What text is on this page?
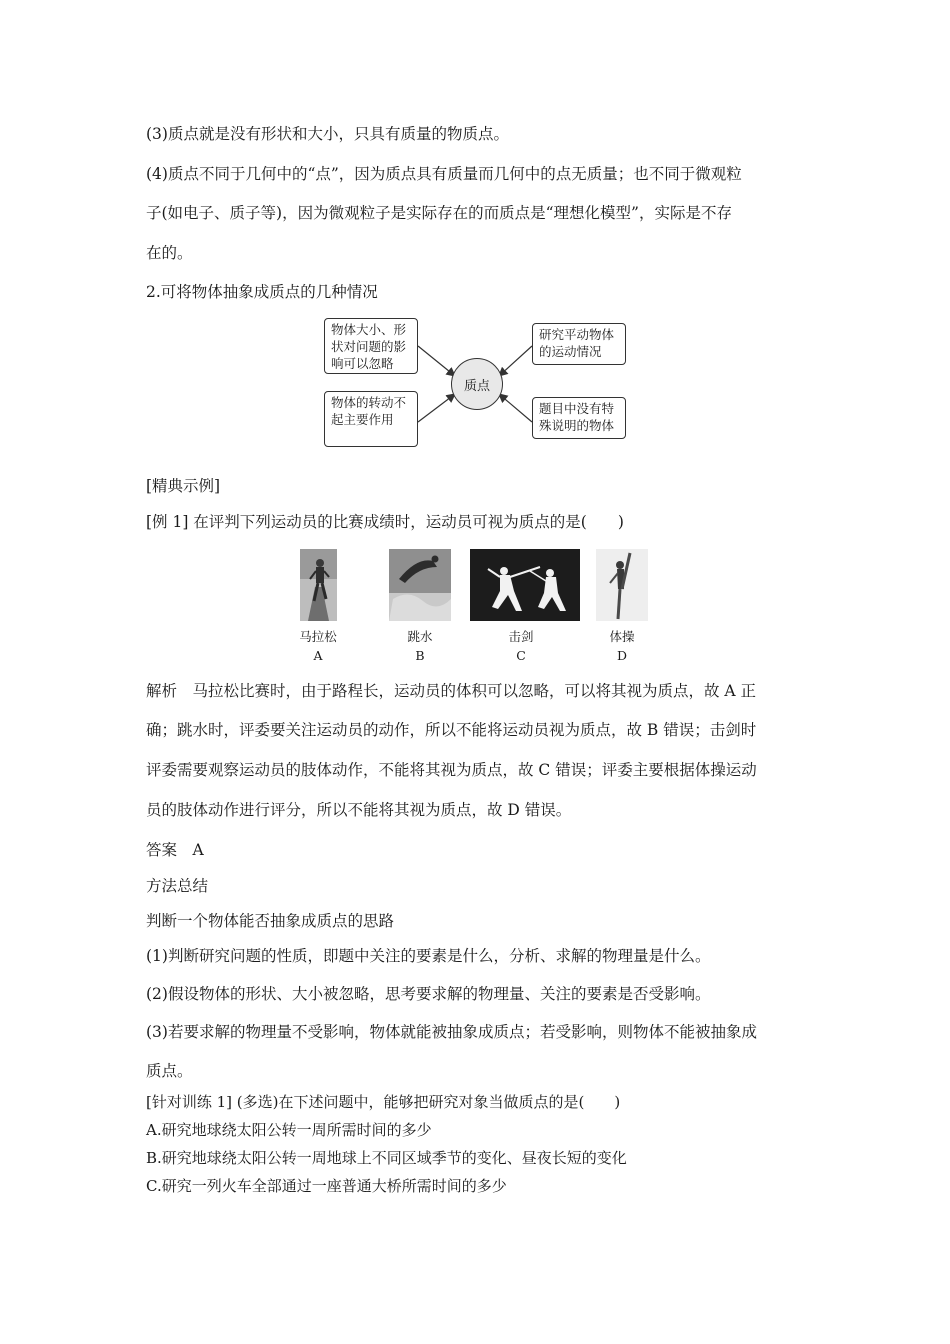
(3)质点就是没有形状和大小，只具有质量的物质点。
(4)质点不同于几何中的“点”，因为质点具有质量而几何中的点无质量；也不同于微观粒
子(如电子、质子等)，因为微观粒子是实际存在的而质点是“理想化模型”，实际是不存
在的。
2.可将物体抽象成质点的几种情况
物体大小、形状对问题的影响可以忽略
物体的转动不起主要作用
研究平动物体的运动情况
题目中没有特殊说明的物体
质点
[精典示例]
[例 1] 在评判下列运动员的比赛成绩时，运动员可视为质点的是(　　)
马拉松
A
跳水
B
击剑
C
体操
D
解析　马拉松比赛时，由于路程长，运动员的体积可以忽略，可以将其视为质点，故 A 正
确；跳水时，评委要关注运动员的动作，所以不能将运动员视为质点，故 B 错误；击剑时
评委需要观察运动员的肢体动作，不能将其视为质点，故 C 错误；评委主要根据体操运动
员的肢体动作进行评分，所以不能将其视为质点，故 D 错误。
答案　A
方法总结
判断一个物体能否抽象成质点的思路
(1)判断研究问题的性质，即题中关注的要素是什么，分析、求解的物理量是什么。
(2)假设物体的形状、大小被忽略，思考要求解的物理量、关注的要素是否受影响。
(3)若要求解的物理量不受影响，物体就能被抽象成质点；若受影响，则物体不能被抽象成
质点。
[针对训练 1] (多选)在下述问题中，能够把研究对象当做质点的是(　　)
A.研究地球绕太阳公转一周所需时间的多少
B.研究地球绕太阳公转一周地球上不同区域季节的变化、昼夜长短的变化
C.研究一列火车全部通过一座普通大桥所需时间的多少
